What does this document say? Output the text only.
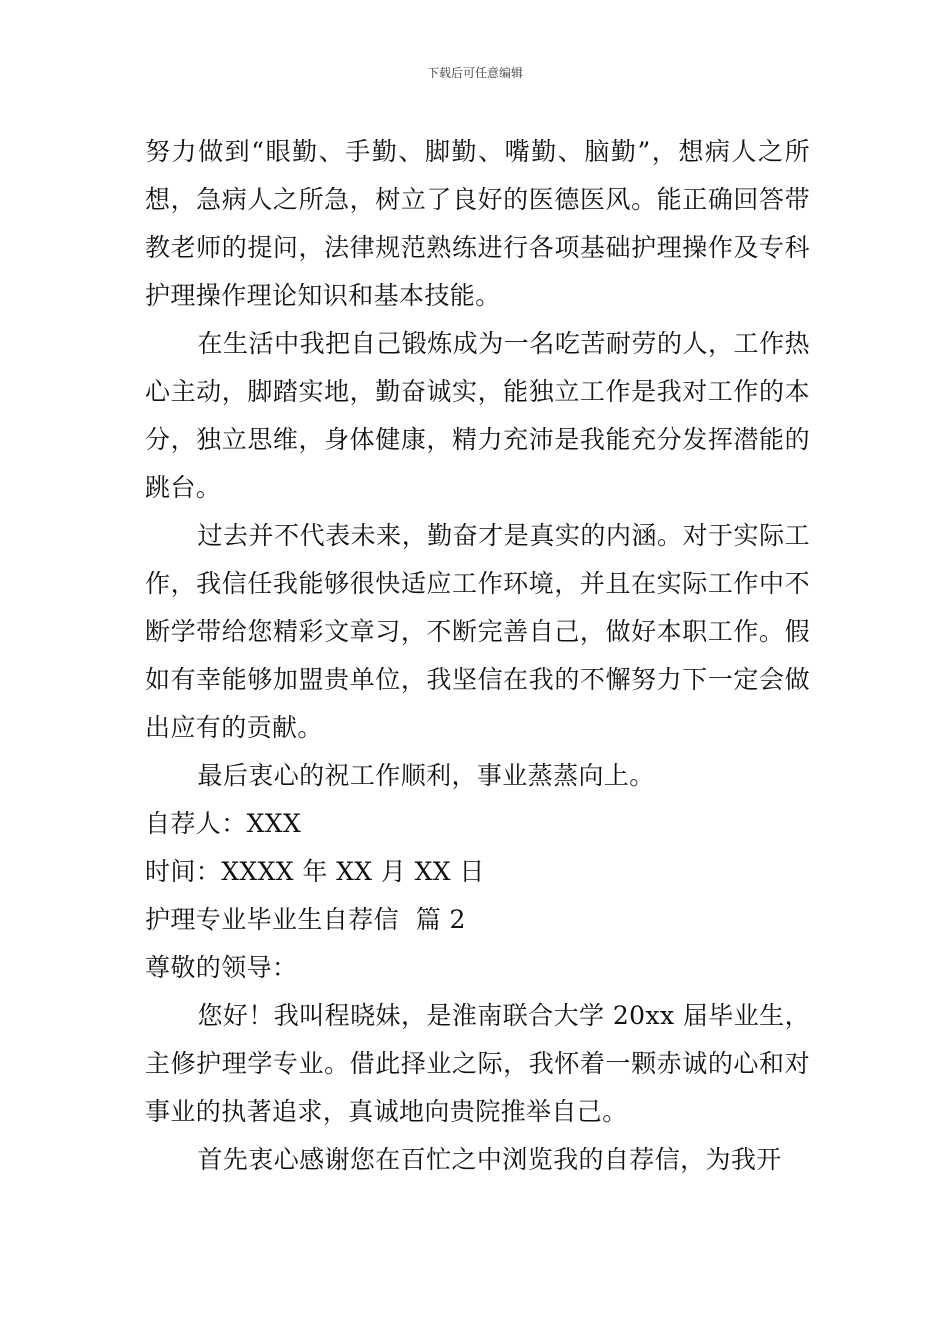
下载后可任意编辑

努力做到“眼勤、手勤、脚勤、嘴勤、脑勤”，想病人之所想，急病人之所急，树立了良好的医德医风。能正确回答带教老师的提问，法律规范熟练进行各项基础护理操作及专科护理操作理论知识和基本技能。

在生活中我把自己锻炼成为一名吃苦耐劳的人，工作热心主动，脚踏实地，勤奋诚实，能独立工作是我对工作的本分，独立思维，身体健康，精力充沛是我能充分发挥潜能的跳台。

过去并不代表未来，勤奋才是真实的内涵。对于实际工作，我信任我能够很快适应工作环境，并且在实际工作中不断学带给您精彩文章习，不断完善自己，做好本职工作。假如有幸能够加盟贵单位，我坚信在我的不懈努力下一定会做出应有的贡献。

最后衷心的祝工作顺利，事业蒸蒸向上。

自荐人：XXX

时间：XXXX 年 XX 月 XX 日

护理专业毕业生自荐信  篇 2

尊敬的领导：

您好！我叫程晓妹，是淮南联合大学 20xx 届毕业生，主修护理学专业。借此择业之际，我怀着一颗赤诚的心和对事业的执著追求，真诚地向贵院推举自己。

首先衷心感谢您在百忙之中浏览我的自荐信，为我开
